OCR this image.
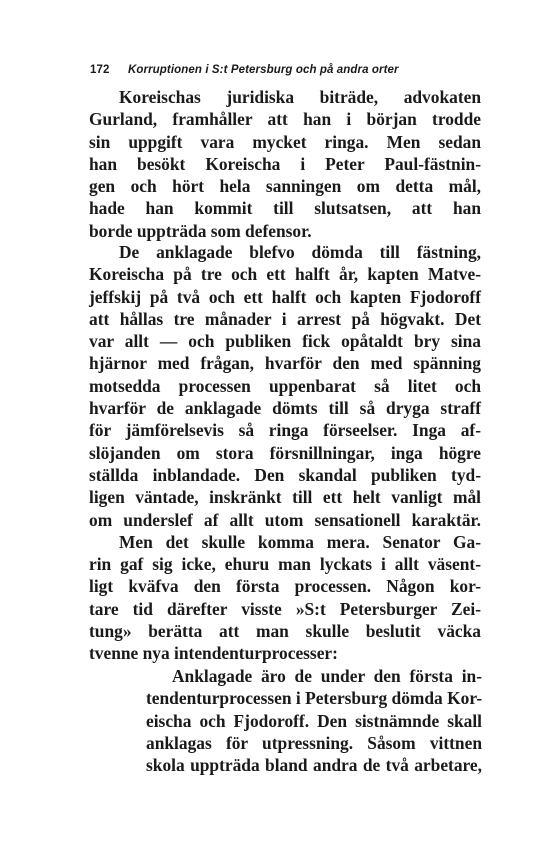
172 Korruptionen i S:t Petersburg och på andra orter
Koreischas juridiska biträde, advokaten
Gurland, framhåller att han i början trodde
sin uppgift vara mycket ringa. Men sedan
han besökt Koreischa i Peter Paul-fästnin-
gen och hört hela sanningen om detta mål,
hade han kommit till slutsatsen, att han
borde uppträda som defensor.
De anklagade blefvo dömda till fästning,
Koreischa på tre och ett halft år, kapten Matve-
jeffskij på två och ett halft och kapten Fjodoroff
att hållas tre månader i arrest på högvakt. Det
var allt — och publiken fick opåtaldt bry sina
hjärnor med frågan, hvarför den med spänning
motsedda processen uppenbarat så litet och
hvarför de anklagade dömts till så dryga straff
för jämförelsevis så ringa förseelser. Inga af-
slöjanden om stora försnillningar, inga högre
ställda inblandade. Den skandal publiken tyd-
ligen väntade, inskränkt till ett helt vanligt mål
om underslef af allt utom sensationell karaktär.
Men det skulle komma mera. Senator Ga-
rin gaf sig icke, ehuru man lyckats i allt väsent-
ligt kväfva den första processen. Någon kor-
tare tid därefter visste »S:t Petersburger Zei-
tung» berätta att man skulle beslutit väcka
tvenne nya intendenturprocesser:
Anklagade äro de under den första in-
tendenturprocessen i Petersburg dömda Kor-
eischa och Fjodoroff. Den sistnämnde skall
anklagas för utpressning. Såsom vittnen
skola uppträda bland andra de två arbetare,
